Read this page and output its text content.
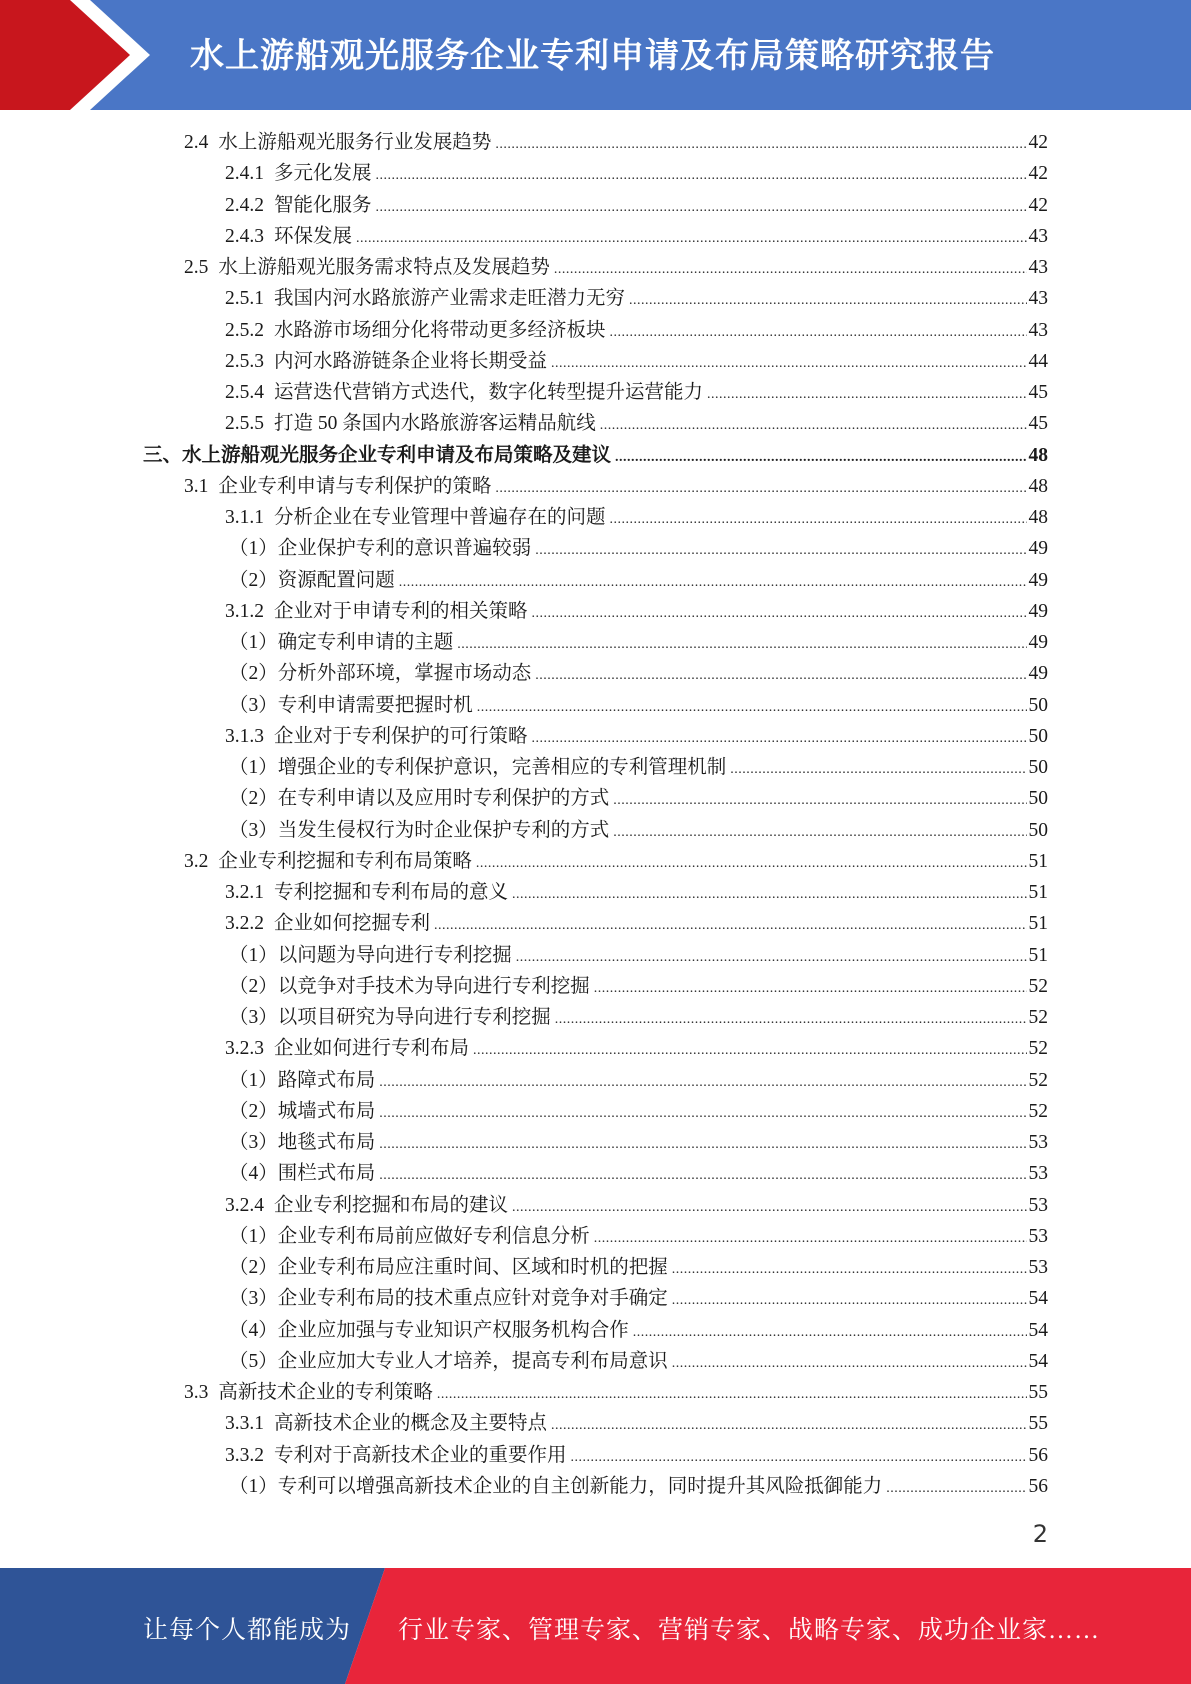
水上游船观光服务企业专利申请及布局策略研究报告
2.4 水上游船观光服务行业发展趋势 .....	42
2.4.1 多元化发展 .....	42
2.4.2 智能化服务 .....	42
2.4.3 环保发展 .....	43
2.5 水上游船观光服务需求特点及发展趋势 .....	43
2.5.1 我国内河水路旅游产业需求走旺潜力无穷 .....	43
2.5.2 水路游市场细分化将带动更多经济板块 .....	43
2.5.3 内河水路游链条企业将长期受益 .....	44
2.5.4 运营迭代营销方式迭代，数字化转型提升运营能力 .....	45
2.5.5 打造 50 条国内水路旅游客运精品航线 .....	45
三、水上游船观光服务企业专利申请及布局策略及建议 .....	48
3.1 企业专利申请与专利保护的策略 .....	48
3.1.1 分析企业在专业管理中普遍存在的问题 .....	48
（1） 企业保护专利的意识普遍较弱 .....	49
（2） 资源配置问题 .....	49
3.1.2 企业对于申请专利的相关策略 .....	49
（1） 确定专利申请的主题 .....	49
（2） 分析外部环境，掌握市场动态 .....	49
（3） 专利申请需要把握时机 .....	50
3.1.3 企业对于专利保护的可行策略 .....	50
（1） 增强企业的专利保护意识，完善相应的专利管理机制 .....	50
（2） 在专利申请以及应用时专利保护的方式 .....	50
（3） 当发生侵权行为时企业保护专利的方式 .....	50
3.2 企业专利挖掘和专利布局策略 .....	51
3.2.1 专利挖掘和专利布局的意义 .....	51
3.2.2 企业如何挖掘专利 .....	51
（1） 以问题为导向进行专利挖掘 .....	51
（2） 以竞争对手技术为导向进行专利挖掘 .....	52
（3） 以项目研究为导向进行专利挖掘 .....	52
3.2.3 企业如何进行专利布局 .....	52
（1） 路障式布局 .....	52
（2） 城墙式布局 .....	52
（3） 地毯式布局 .....	53
（4） 围栏式布局 .....	53
3.2.4 企业专利挖掘和布局的建议 .....	53
（1） 企业专利布局前应做好专利信息分析 .....	53
（2） 企业专利布局应注重时间、区域和时机的把握 .....	53
（3） 企业专利布局的技术重点应针对竞争对手确定 .....	54
（4） 企业应加强与专业知识产权服务机构合作 .....	54
（5） 企业应加大专业人才培养，提高专利布局意识 .....	54
3.3 高新技术企业的专利策略 .....	55
3.3.1 高新技术企业的概念及主要特点 .....	55
3.3.2 专利对于高新技术企业的重要作用 .....	56
（1） 专利可以增强高新技术企业的自主创新能力，同时提升其风险抵御能力 .....	56
2
让每个人都能成为 行业专家、管理专家、营销专家、战略专家、成功企业家……
